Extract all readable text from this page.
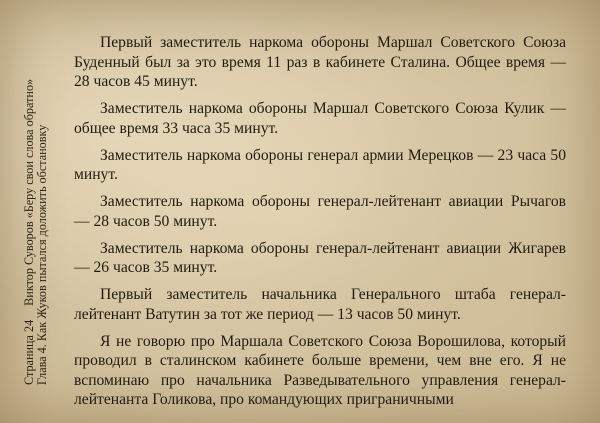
Страница 24Виктор Суворов «Беру свои слова обратно» Глава 4. Как Жуков пытался доложить обстановку

Первый заместитель наркома обороны Маршал Советского Союза Буденный был за это время 11 раз в кабинете Сталина. Общее время — 28 часов 45 минут.

Заместитель наркома обороны Маршал Советского Союза Кулик — общее время 33 часа 35 минут.

Заместитель наркома обороны генерал армии Мерецков — 23 часа 50 минут.

Заместитель наркома обороны генерал-лейтенант авиации Рычагов — 28 часов 50 минут.

Заместитель наркома обороны генерал-лейтенант авиации Жигарев — 26 часов 35 минут.

Первый заместитель начальника Генерального штаба генерал-лейтенант Ватутин за тот же период — 13 часов 50 минут.

Я не говорю про Маршала Советского Союза Ворошилова, который проводил в сталинском кабинете больше времени, чем вне его. Я не вспоминаю про начальника Разведывательного управления генерал-лейтенанта Голикова, про командующих приграничными
